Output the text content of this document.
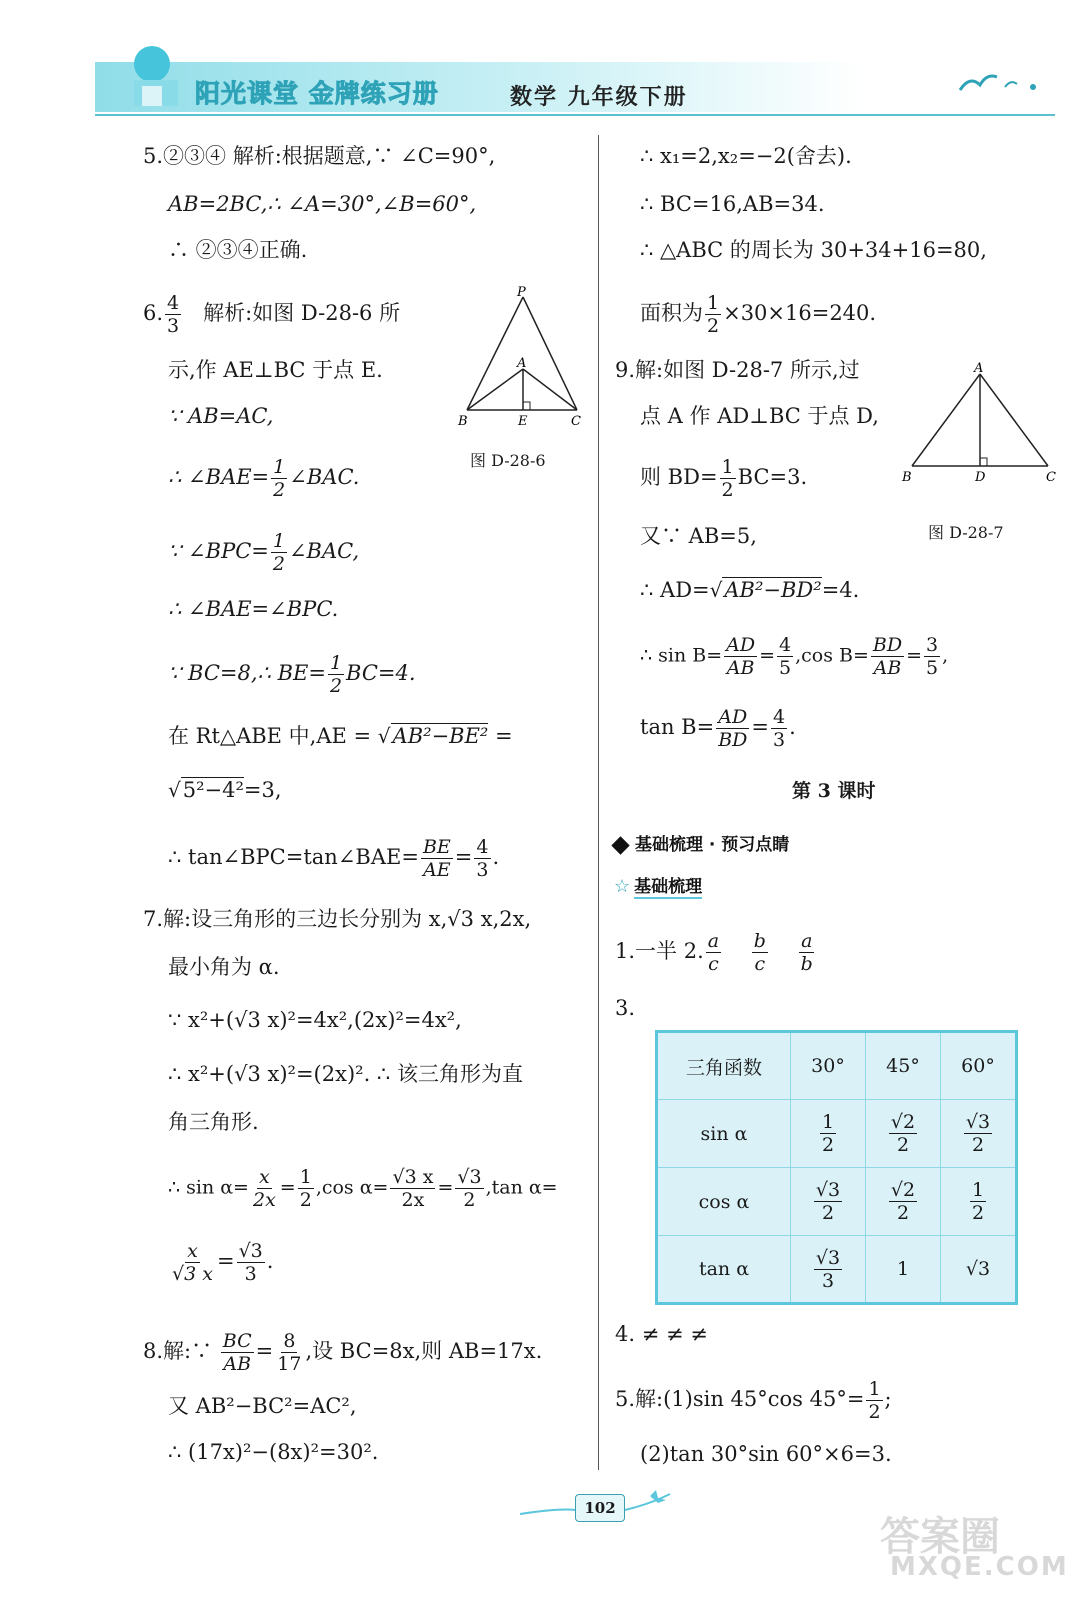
阳光课堂 金牌练习册	数学 九年级下册
5.②③④ 解析:根据题意,∵ ∠C=90°,
AB=2BC,∴ ∠A=30°,∠B=60°,
∴ ②③④正确.
6. $\frac{4}{3}$ 解析:如图 D-28-6 所
示,作 AE⊥BC 于点 E.
∵ AB=AC,
∴ ∠BAE= $\frac{1}{2}$ ∠BAC.
∵ ∠BPC= $\frac{1}{2}$ ∠BAC,
∴ ∠BAE=∠BPC.
∵ BC=8,∴ $BE= \frac{1}{2} BC=4$.
在 Rt△ABE 中,AE = √AB²−BE² =
√5²−4²=3,
∴ tan∠BPC=tan∠BAE= $\frac{BE}{AE} = \frac{4}{3}$ .
P
A
B	E	C
图 D-28-6
7.解:设三角形的三边长分别为 x,√3 x,2x,
最小角为 α.
∵ x²+(√3 x)²=4x²,(2x)²=4x²,
∴ x²+(√3 x)²=(2x)². ∴ 该三角形为直
角三角形.
∴ $\sin \alpha= \frac{x}{2x} = \frac{1}{2} ,\cos$ $\alpha= \frac{√3 x}{2x} = \frac{√3}{2} ,\tan$ α=
$\frac{x}{√3 x} = \frac{√3}{3}$ .
8.解:∵ $\frac{BC}{AB} = \frac{8}{17}$ ,设 BC=8x,则 AB=17x.
又 AB²−BC²=AC²,
∴ (17x)²−(8x)²=30².
∴ x₁=2,x₂=−2(舍去).
∴ BC=16,AB=34.
∴ △ABC 的周长为 30+34+16=80,
面积为 $\frac{1}{2} \times 30\times 16=240$.
9.解:如图 D-28-7 所示,过
点 A 作 AD⊥BC 于点 D,
则 $BD= \frac{1}{2} BC=3$.
又∵ AB=5,
∴ AD=√AB²−BD²=4.
∴ $\sin B= \frac{AD}{AB} = \frac{4}{5} ,\cos$ $B= \frac{BD}{AB} = \frac{3}{5}$ ,
$\tan B= \frac{AD}{BD} = \frac{4}{3}$ .
A
B	D	C
图 D-28-7
第 3 课时
基础梳理 · 预习点睛
☆ 基础梳理
1.一半 2. $\frac{a}{c}$
$\frac{b}{c}$
$\frac{a}{b}$
3.
三角函数	30°	45°	60°
sin α	$\frac{1}{2}$	$\frac{√2}{2}$	$\frac{√3}{2}$

cos α	$\frac{√3}{2}$	$\frac{√2}{2}$	$\frac{1}{2}$

tan α	$\frac{√3}{3}$	1	√3
4. ≠ ≠ ≠
5.解:(1)sin 45°cos $45^\circ= \frac{1}{2}$ ;
(2)tan 30°sin 60°×6=3.
102
答案圈
MXQE.COM
